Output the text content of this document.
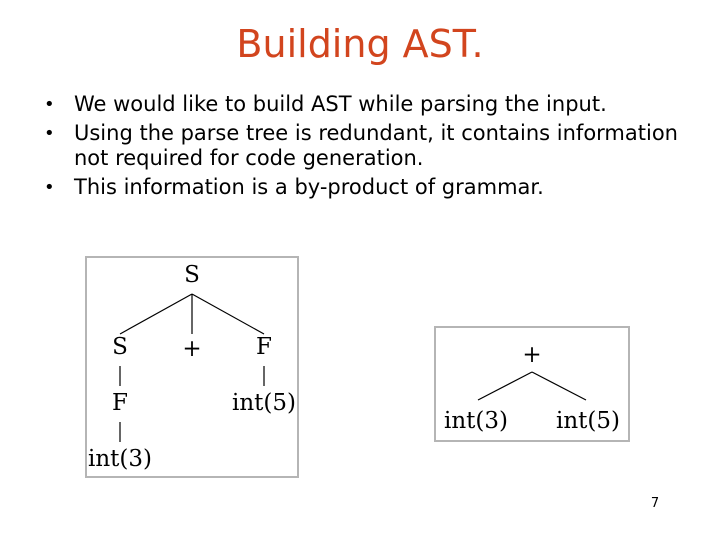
Building AST.
• We would like to build AST while parsing the input.
• Using the parse tree is redundant, it contains information not required for code generation.
• This information is a by-product of grammar.
S
S + F
F	int(5)
int(3)
+
int(3) int(5)
7
